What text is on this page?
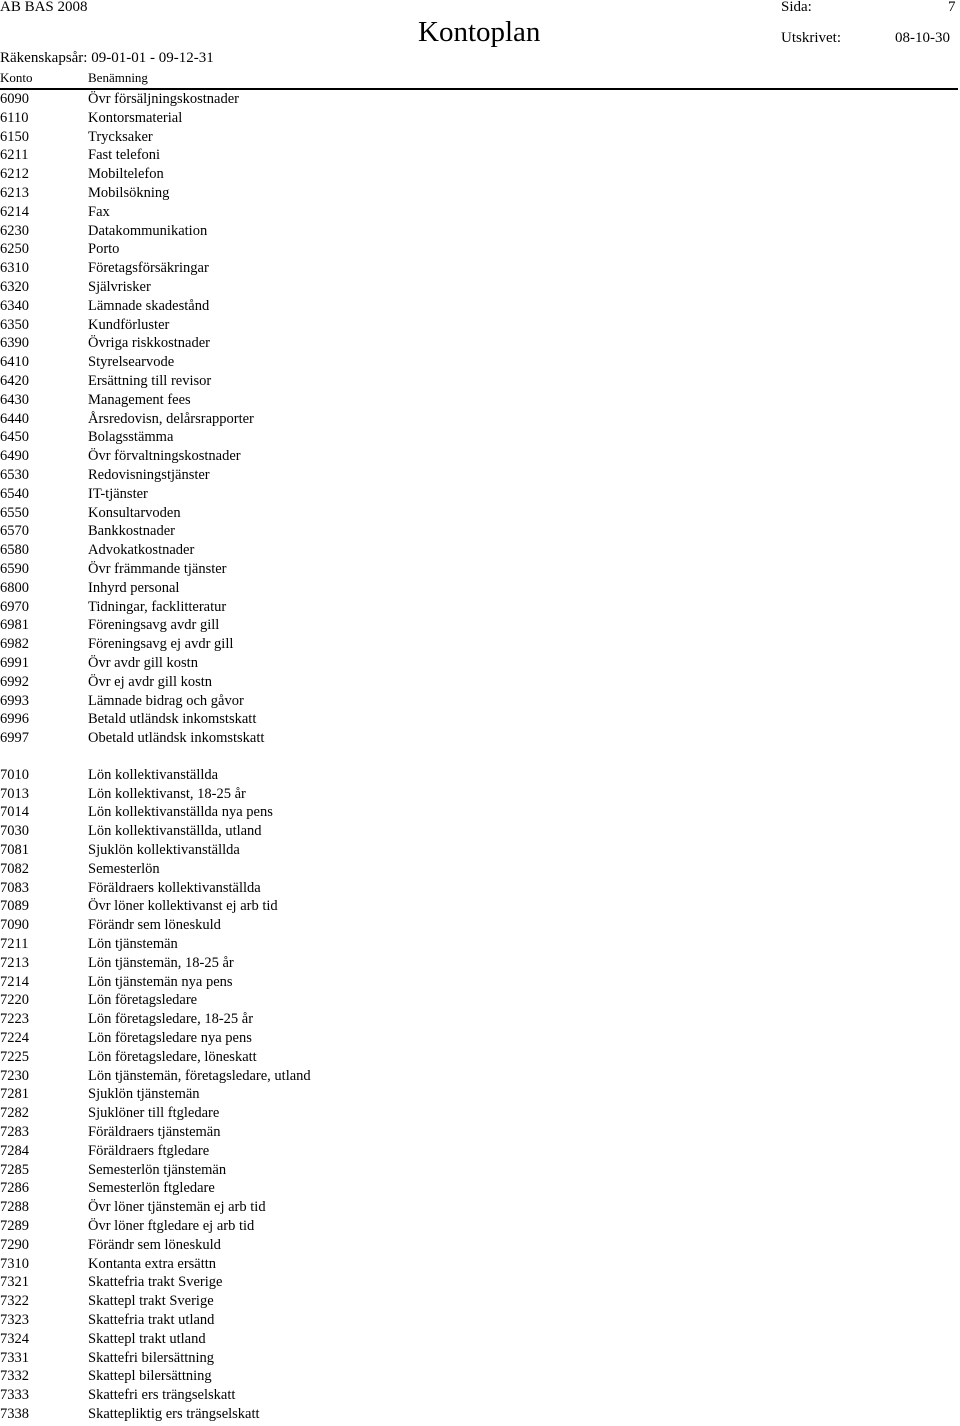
AB BAS 2008
Kontoplan
Sida:	7
Utskrivet:	08-10-30
Räkenskapsår: 09-01-01 - 09-12-31
Konto	Benämning
6090	Övr försäljningskostnader
6110	Kontorsmaterial
6150	Trycksaker
6211	Fast telefoni
6212	Mobiltelefon
6213	Mobilsökning
6214	Fax
6230	Datakommunikation
6250	Porto
6310	Företagsförsäkringar
6320	Självrisker
6340	Lämnade skadestånd
6350	Kundförluster
6390	Övriga riskkostnader
6410	Styrelsearvode
6420	Ersättning till revisor
6430	Management fees
6440	Årsredovisn, delårsrapporter
6450	Bolagsstämma
6490	Övr förvaltningskostnader
6530	Redovisningstjänster
6540	IT-tjänster
6550	Konsultarvoden
6570	Bankkostnader
6580	Advokatkostnader
6590	Övr främmande tjänster
6800	Inhyrd personal
6970	Tidningar, facklitteratur
6981	Föreningsavg avdr gill
6982	Föreningsavg ej avdr gill
6991	Övr avdr gill kostn
6992	Övr ej avdr gill kostn
6993	Lämnade bidrag och gåvor
6996	Betald utländsk inkomstskatt
6997	Obetald utländsk inkomstskatt
7010	Lön kollektivanställda
7013	Lön kollektivanst, 18-25 år
7014	Lön kollektivanställda nya pens
7030	Lön kollektivanställda, utland
7081	Sjuklön kollektivanställda
7082	Semesterlön
7083	Föräldraers kollektivanställda
7089	Övr löner kollektivanst ej arb tid
7090	Förändr sem löneskuld
7211	Lön tjänstemän
7213	Lön tjänstemän, 18-25 år
7214	Lön tjänstemän nya pens
7220	Lön företagsledare
7223	Lön företagsledare, 18-25 år
7224	Lön företagsledare nya pens
7225	Lön företagsledare, löneskatt
7230	Lön tjänstemän, företagsledare, utland
7281	Sjuklön tjänstemän
7282	Sjuklöner till ftgledare
7283	Föräldraers tjänstemän
7284	Föräldraers ftgledare
7285	Semesterlön tjänstemän
7286	Semesterlön ftgledare
7288	Övr löner tjänstemän ej arb tid
7289	Övr löner ftgledare ej arb tid
7290	Förändr sem löneskuld
7310	Kontanta extra ersättn
7321	Skattefria trakt Sverige
7322	Skattepl trakt Sverige
7323	Skattefria trakt utland
7324	Skattepl trakt utland
7331	Skattefri bilersättning
7332	Skattepl bilersättning
7333	Skattefri ers trängselskatt
7338	Skattepliktig ers trängselskatt
